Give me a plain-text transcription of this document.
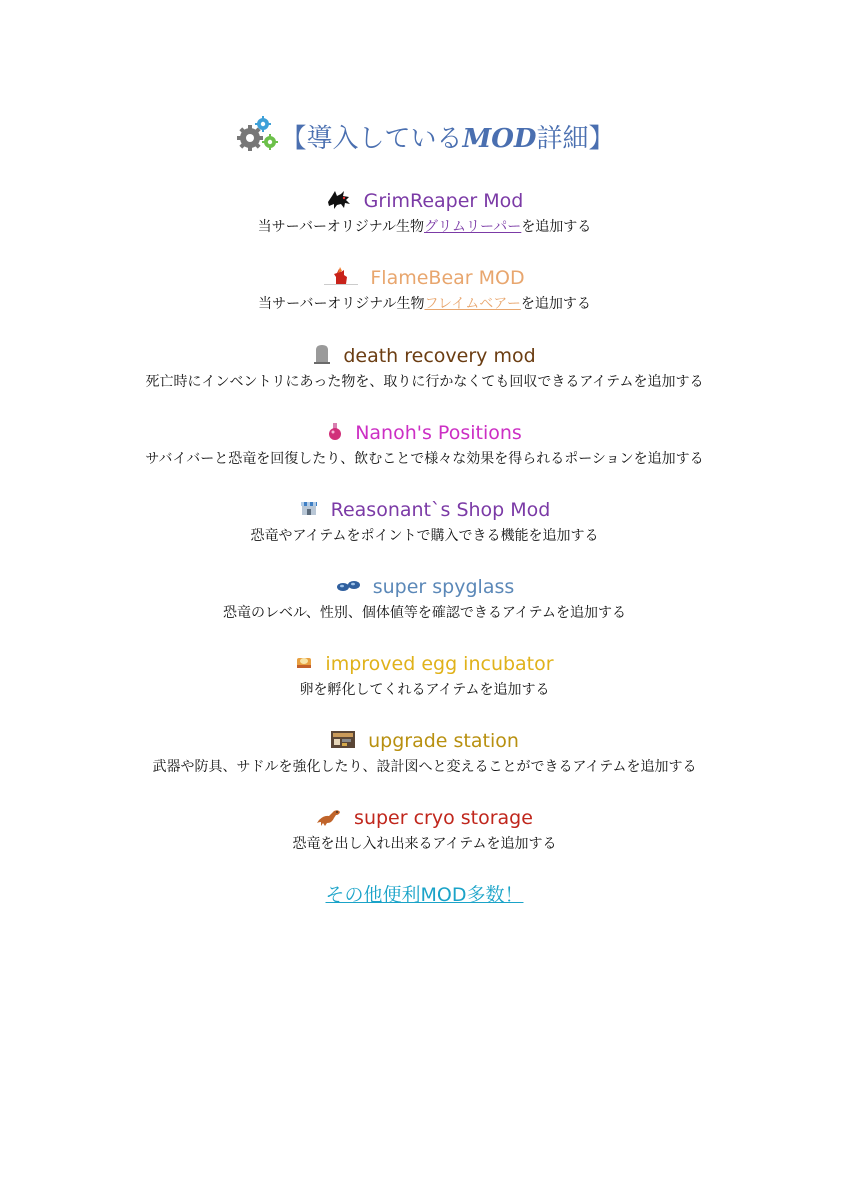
【導入しているMOD詳細】
GrimReaper Mod
当サーバーオリジナル生物グリムリーパーを追加する
FlameBear MOD
当サーバーオリジナル生物フレイムベアーを追加する
death recovery mod
死亡時にインベントリにあった物を、取りに行かなくても回収できるアイテムを追加する
Nanoh's Positions
サバイバーと恐竜を回復したり、飲むことで様々な効果を得られるポーションを追加する
Reasonant`s Shop Mod
恐竜やアイテムをポイントで購入できる機能を追加する
super spyglass
恐竜のレベル、性別、個体値等を確認できるアイテムを追加する
improved egg incubator
卵を孵化してくれるアイテムを追加する
upgrade station
武器や防具、サドルを強化したり、設計図へと変えることができるアイテムを追加する
super cryo storage
恐竜を出し入れ出来るアイテムを追加する
その他便利MOD多数！
